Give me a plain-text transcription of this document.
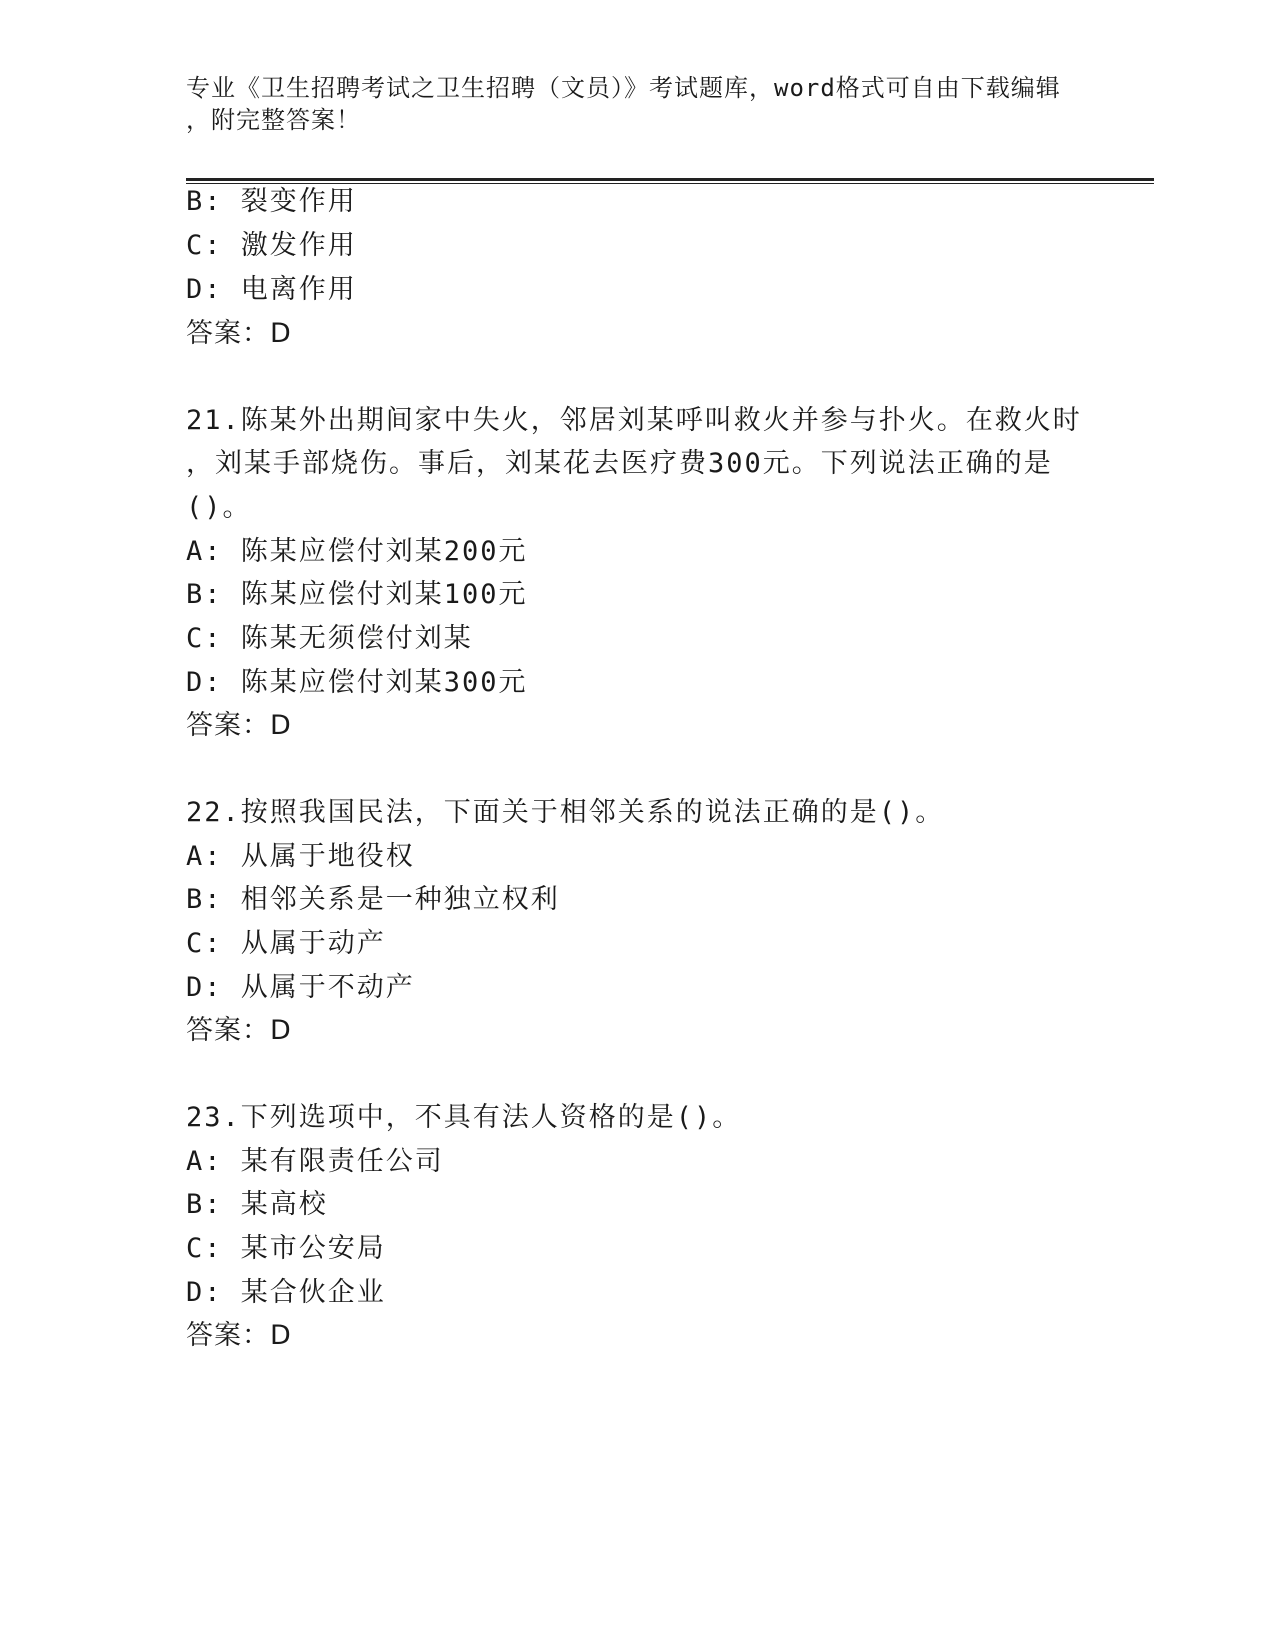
专业《卫生招聘考试之卫生招聘（文员）》考试题库，word格式可自由下载编辑
，附完整答案！
B: 裂变作用
C: 激发作用
D: 电离作用
答案：D
21.陈某外出期间家中失火，邻居刘某呼叫救火并参与扑火。在救火时
，刘某手部烧伤。事后，刘某花去医疗费300元。下列说法正确的是
()。
A: 陈某应偿付刘某200元
B: 陈某应偿付刘某100元
C: 陈某无须偿付刘某
D: 陈某应偿付刘某300元
答案：D
22.按照我国民法，下面关于相邻关系的说法正确的是()。
A: 从属于地役权
B: 相邻关系是一种独立权利
C: 从属于动产
D: 从属于不动产
答案：D
23.下列选项中，不具有法人资格的是()。
A: 某有限责任公司
B: 某高校
C: 某市公安局
D: 某合伙企业
答案：D
